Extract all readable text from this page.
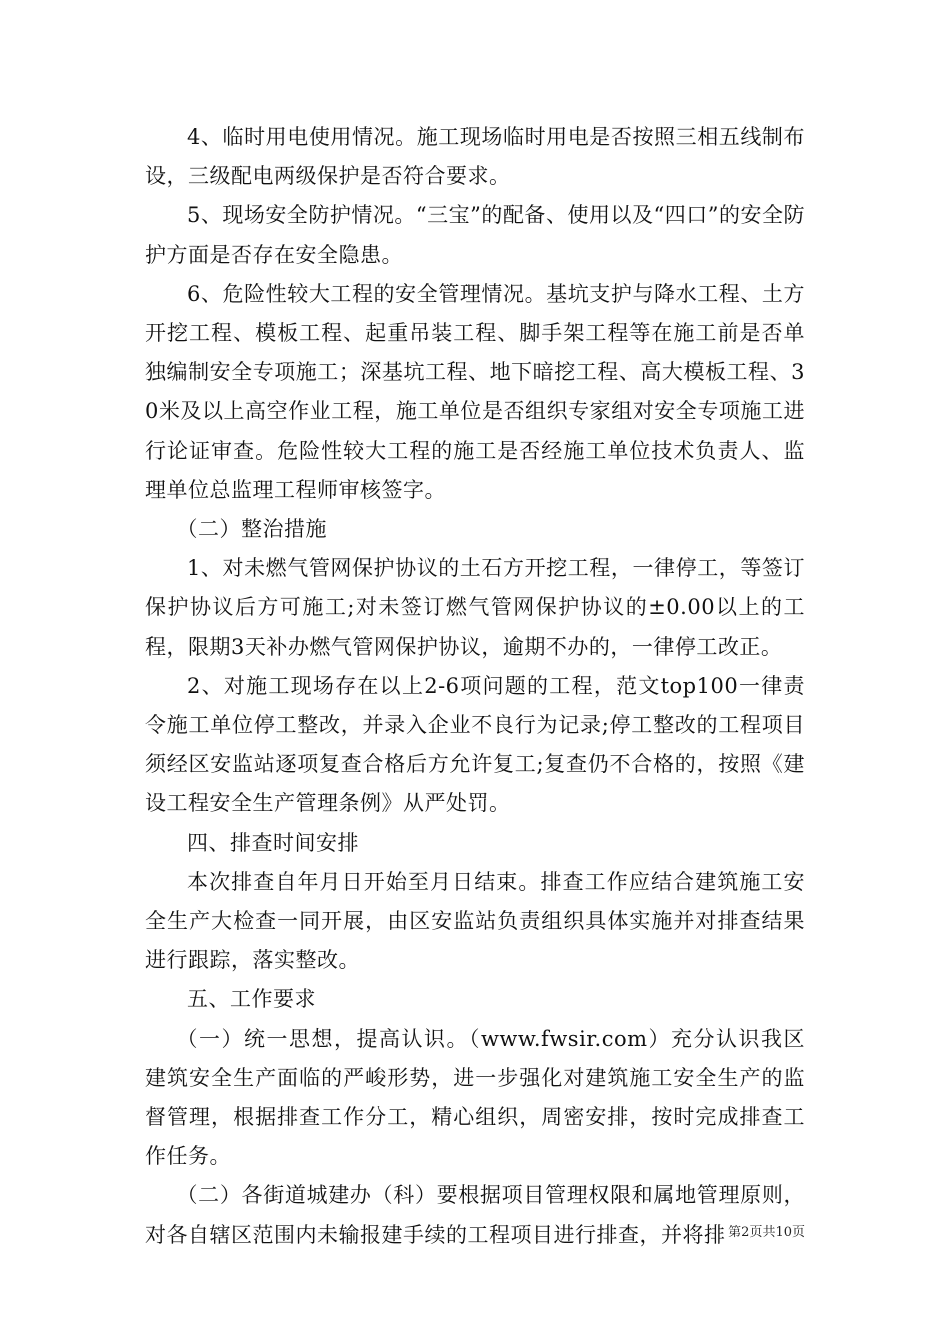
4、临时用电使用情况。施工现场临时用电是否按照三相五线制布设，三级配电两级保护是否符合要求。

5、现场安全防护情况。“三宝”的配备、使用以及“四口”的安全防护方面是否存在安全隐患。

6、危险性较大工程的安全管理情况。基坑支护与降水工程、土方开挖工程、模板工程、起重吊装工程、脚手架工程等在施工前是否单独编制安全专项施工；深基坑工程、地下暗挖工程、高大模板工程、30米及以上高空作业工程，施工单位是否组织专家组对安全专项施工进行论证审查。危险性较大工程的施工是否经施工单位技术负责人、监理单位总监理工程师审核签字。

（二）整治措施

1、对未燃气管网保护协议的土石方开挖工程，一律停工，等签订保护协议后方可施工;对未签订燃气管网保护协议的±0.00以上的工程，限期3天补办燃气管网保护协议，逾期不办的，一律停工改正。

2、对施工现场存在以上2-6项问题的工程，范文top100一律责令施工单位停工整改，并录入企业不良行为记录;停工整改的工程项目须经区安监站逐项复查合格后方允许复工;复查仍不合格的，按照《建设工程安全生产管理条例》从严处罚。

四、排查时间安排

本次排查自年月日开始至月日结束。排查工作应结合建筑施工安全生产大检查一同开展，由区安监站负责组织具体实施并对排查结果进行跟踪，落实整改。

五、工作要求

（一）统一思想，提高认识。（www.fwsir.com）充分认识我区建筑安全生产面临的严峻形势，进一步强化对建筑施工安全生产的监督管理，根据排查工作分工，精心组织，周密安排，按时完成排查工作任务。

（二）各街道城建办（科）要根据项目管理权限和属地管理原则，对各自辖区范围内未输报建手续的工程项目进行排查，并将排 第2页共10页
